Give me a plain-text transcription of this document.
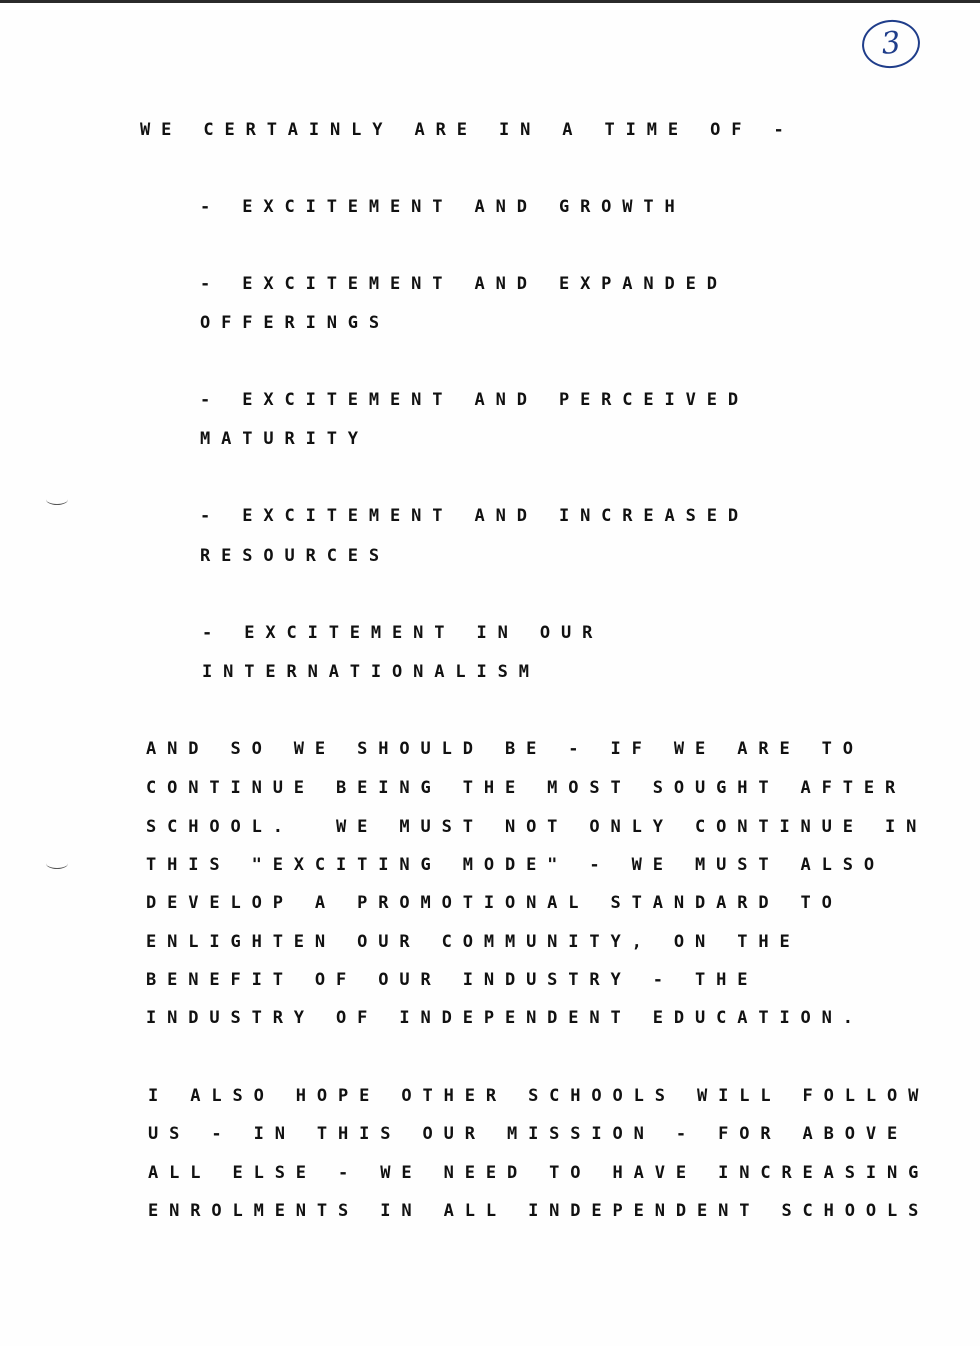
3

WE CERTAINLY ARE IN A TIME OF -

- EXCITEMENT AND GROWTH

- EXCITEMENT AND EXPANDED

OFFERINGS

- EXCITEMENT AND PERCEIVED

MATURITY

- EXCITEMENT AND INCREASED

RESOURCES

- EXCITEMENT IN OUR

INTERNATIONALISM

AND SO WE SHOULD BE - IF WE ARE TO

CONTINUE BEING THE MOST SOUGHT AFTER

SCHOOL.  WE MUST NOT ONLY CONTINUE IN

THIS "EXCITING MODE" - WE MUST ALSO

DEVELOP A PROMOTIONAL STANDARD TO

ENLIGHTEN OUR COMMUNITY, ON THE

BENEFIT OF OUR INDUSTRY - THE

INDUSTRY OF INDEPENDENT EDUCATION.

I ALSO HOPE OTHER SCHOOLS WILL FOLLOW

US - IN THIS OUR MISSION - FOR ABOVE

ALL ELSE - WE NEED TO HAVE INCREASING

ENROLMENTS IN ALL INDEPENDENT SCHOOLS
